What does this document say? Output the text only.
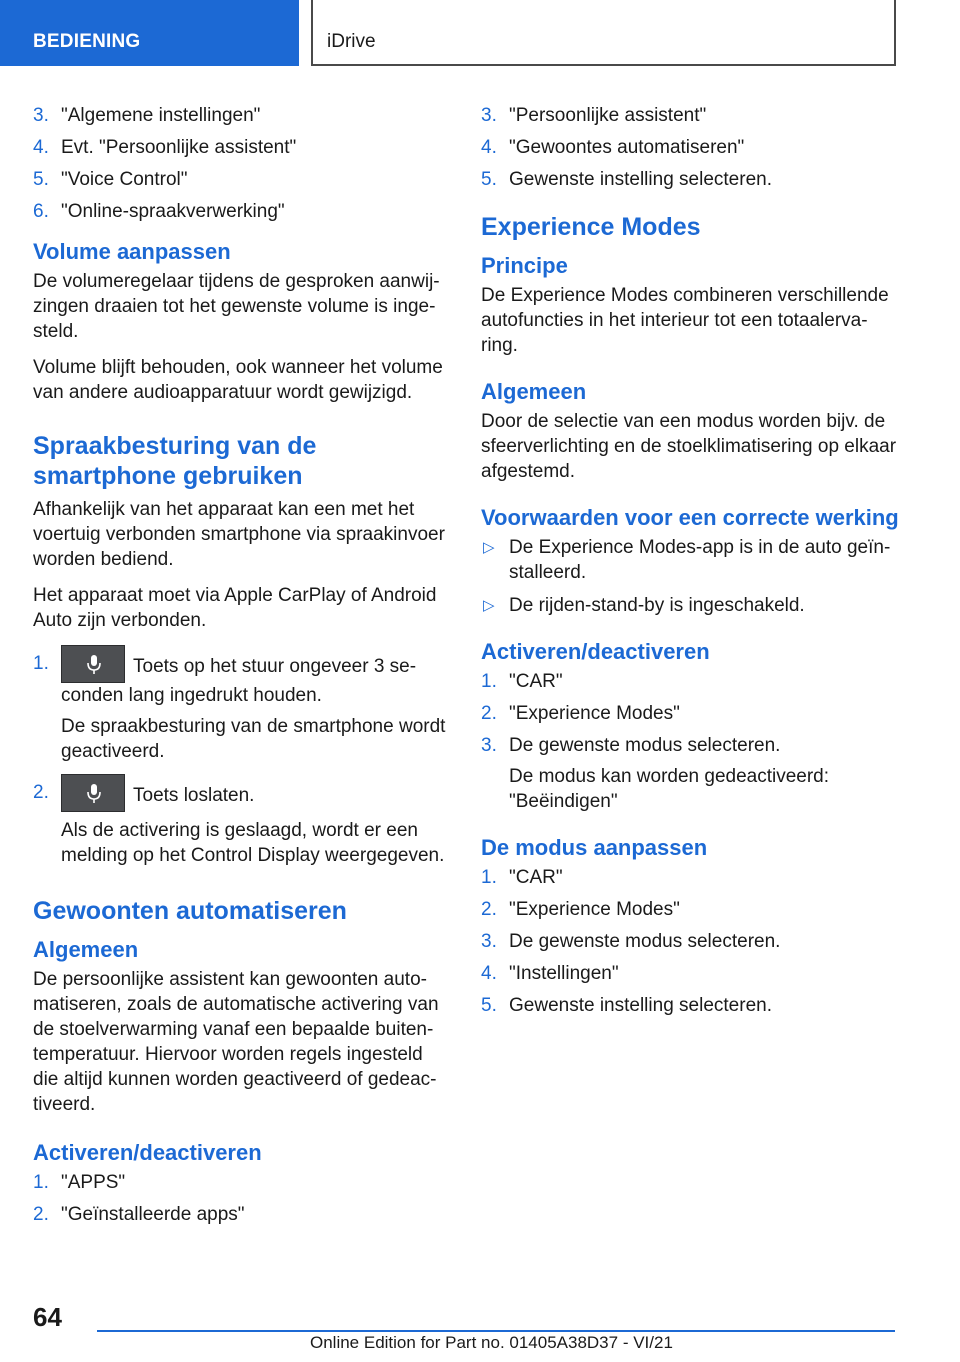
BEDIENING	iDrive
3. "Algemene instellingen"
4. Evt. "Persoonlijke assistent"
5. "Voice Control"
6. "Online-spraakverwerking"
Volume aanpassen

De volumeregelaar tijdens de gesproken aanwij-zingen draaien tot het gewenste volume is inge-steld.

Volume blijft behouden, ook wanneer het volume van andere audioapparatuur wordt gewijzigd.

Spraakbesturing van de smartphone gebruiken

Afhankelijk van het apparaat kan een met het voertuig verbonden smartphone via spraakinvoer worden bediend.

Het apparaat moet via Apple CarPlay of Android Auto zijn verbonden.

1.	Toets op het stuur ongeveer 3 se-conden lang ingedrukt houden.
De spraakbesturing van de smartphone wordt geactiveerd.
2.	Toets loslaten.
Als de activering is geslaagd, wordt er een melding op het Control Display weergegeven.
Gewoonten automatiseren
Algemeen

De persoonlijke assistent kan gewoonten auto-matiseren, zoals de automatische activering van de stoelverwarming vanaf een bepaalde buiten-temperatuur. Hiervoor worden regels ingesteld die altijd kunnen worden geactiveerd of gedeac-tiveerd.

Activeren/deactiveren
1. "APPS"
2. "Geïnstalleerde apps"
3. "Persoonlijke assistent"
4. "Gewoontes automatiseren"
5. Gewenste instelling selecteren.
Experience Modes
Principe

De Experience Modes combineren verschillende autofuncties in het interieur tot een totaalerva-ring.

Algemeen

Door de selectie van een modus worden bijv. de sfeerverlichting en de stoelklimatisering op elkaar afgestemd.

Voorwaarden voor een correcte werking
▷ De Experience Modes-app is in de auto geïn-stalleerd.
▷ De rijden-stand-by is ingeschakeld.
Activeren/deactiveren
1. "CAR"
2. "Experience Modes"
3. De gewenste modus selecteren.
De modus kan worden gedeactiveerd: "Beëindigen"
De modus aanpassen
1. "CAR"
2. "Experience Modes"
3. De gewenste modus selecteren.
4. "Instellingen"
5. Gewenste instelling selecteren.
64
Online Edition for Part no. 01405A38D37 - VI/21
